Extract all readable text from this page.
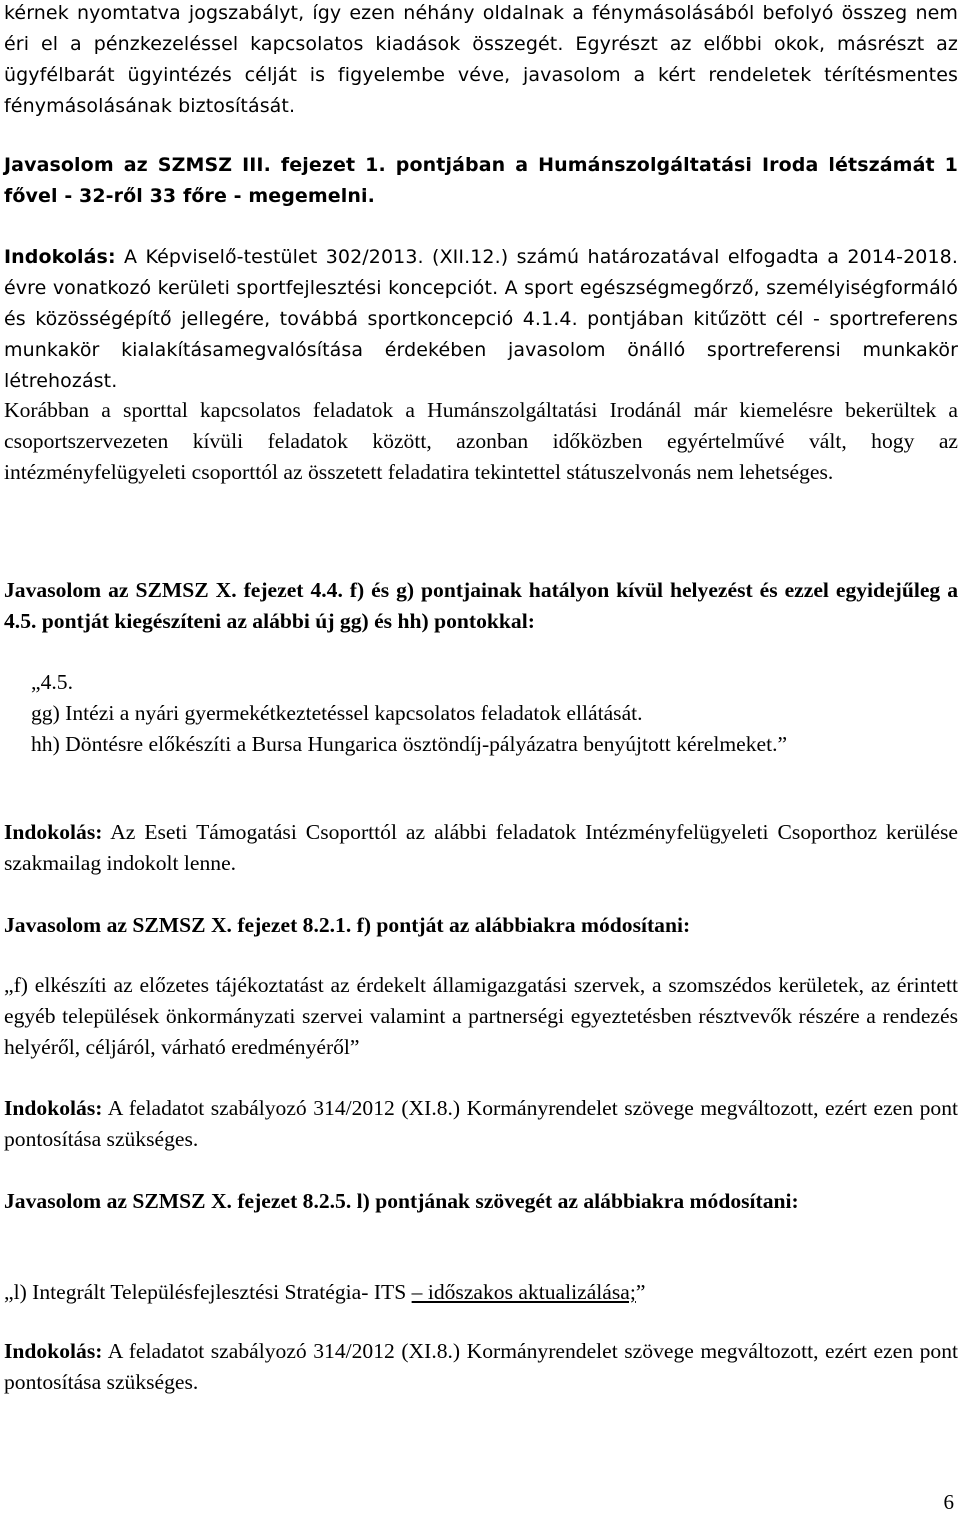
kérnek nyomtatva jogszabályt, így ezen néhány oldalnak a fénymásolásából befolyó összeg nem éri el a pénzkezeléssel kapcsolatos kiadások összegét. Egyrészt az előbbi okok, másrészt az ügyfélbarát ügyintézés célját is figyelembe véve, javasolom a kért rendeletek térítésmentes fénymásolásának biztosítását.

Javasolom az SZMSZ III. fejezet 1. pontjában a Humánszolgáltatási Iroda létszámát 1 fővel - 32-ről 33 főre - megemelni.

Indokolás: A Képviselő-testület 302/2013. (XII.12.) számú határozatával elfogadta a 2014-2018. évre vonatkozó kerületi sportfejlesztési koncepciót. A sport egészségmegőrző, személyiségformáló és közösségépítő jellegére, továbbá sportkoncepció 4.1.4. pontjában kitűzött cél - sportreferens munkakör kialakításamegvalósítása érdekében javasolom önálló sportreferensi munkakör létrehozást.

Korábban a sporttal kapcsolatos feladatok a Humánszolgáltatási Irodánál már kiemelésre bekerültek a csoportszervezeten kívüli feladatok között, azonban időközben egyértelművé vált, hogy az intézményfelügyeleti csoporttól az összetett feladatira tekintettel státuszelvonás nem lehetséges.

Javasolom az SZMSZ X. fejezet 4.4. f) és g) pontjainak hatályon kívül helyezést és ezzel egyidejűleg a 4.5. pontját kiegészíteni az alábbi új gg) és hh) pontokkal:

„4.5.

gg) Intézi a nyári gyermekétkeztetéssel kapcsolatos feladatok ellátását.

hh) Döntésre előkészíti a Bursa Hungarica ösztöndíj-pályázatra benyújtott kérelmeket.”

Indokolás: Az Eseti Támogatási Csoporttól az alábbi feladatok Intézményfelügyeleti Csoporthoz kerülése szakmailag indokolt lenne.

Javasolom az SZMSZ X. fejezet 8.2.1. f) pontját az alábbiakra módosítani:

„f) elkészíti az előzetes tájékoztatást az érdekelt államigazgatási szervek, a szomszédos kerületek, az érintett egyéb települések önkormányzati szervei valamint a partnerségi egyeztetésben résztvevők részére a rendezés helyéről, céljáról, várható eredményéről”

Indokolás: A feladatot szabályozó 314/2012 (XI.8.) Kormányrendelet szövege megváltozott, ezért ezen pont pontosítása szükséges.

Javasolom az SZMSZ X. fejezet 8.2.5. l) pontjának szövegét az alábbiakra módosítani:

„l) Integrált Településfejlesztési Stratégia- ITS – időszakos aktualizálása;”

Indokolás: A feladatot szabályozó 314/2012 (XI.8.) Kormányrendelet szövege megváltozott, ezért ezen pont pontosítása szükséges.

6
